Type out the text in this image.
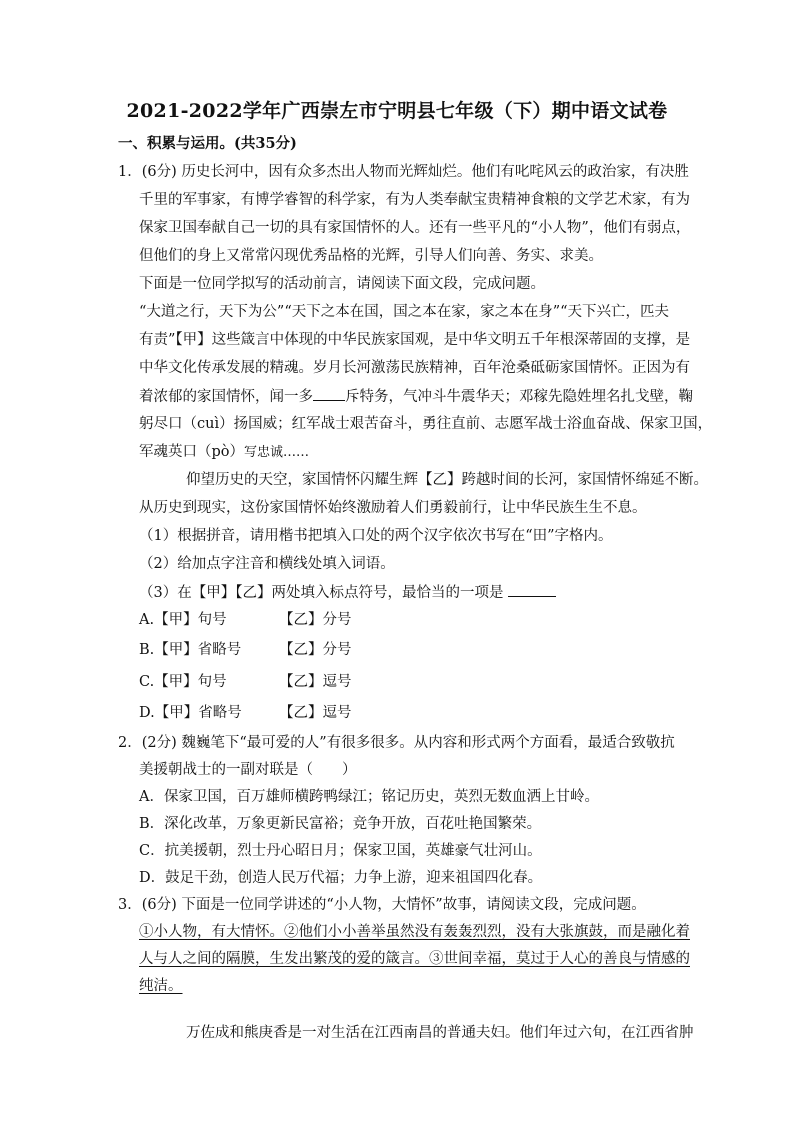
2021-2022学年广西崇左市宁明县七年级（下）期中语文试卷
一、积累与运用。(共35分)
1．(6分) 历史长河中，因有众多杰出人物而光辉灿烂。他们有叱咤风云的政治家，有决胜
千里的军事家，有博学睿智的科学家，有为人类奉献宝贵精神食粮的文学艺术家，有为
保家卫国奉献自己一切的具有家国情怀的人。还有一些平凡的“小人物”，他们有弱点，
但他们的身上又常常闪现优秀品格的光辉，引导人们向善、务实、求美。
下面是一位同学拟写的活动前言，请阅读下面文段，完成问题。
“大道之行，天下为公”“天下之本在国，国之本在家，家之本在身”“天下兴亡，匹夫
有责”【甲】这些箴言中体现的中华民族家国观，是中华文明五千年根深蒂固的支撑，是
中华文化传承发展的精魂。岁月长河激荡民族精神，百年沧桑砥砺家国情怀。正因为有
着浓郁的家国情怀，闻一多 斥特务，气冲斗牛震华天；邓稼先隐姓埋名扎戈壁，鞠
躬尽口（cuì）扬国威；红军战士艰苦奋斗，勇往直前、志愿军战士浴血奋战、保家卫国，
军魂英口（pò）写忠诚……
仰望历史的天空，家国情怀闪耀生辉【乙】跨越时间的长河，家国情怀绵延不断。
从历史到现实，这份家国情怀始终激励着人们勇毅前行，让中华民族生生不息。
（1）根据拼音，请用楷书把填入口处的两个汉字依次书写在“田”字格内。
（2）给加点字注音和横线处填入词语。
（3）在【甲】【乙】两处填入标点符号，最恰当的一项是
A.【甲】句号	【乙】分号
B.【甲】省略号	【乙】分号
C.【甲】句号	【乙】逗号
D.【甲】省略号	【乙】逗号
2．(2分) 魏巍笔下“最可爱的人”有很多很多。从内容和形式两个方面看，最适合致敬抗
美援朝战士的一副对联是（　　）
A．保家卫国，百万雄师横跨鸭绿江；铭记历史，英烈无数血洒上甘岭。
B．深化改革，万象更新民富裕；竞争开放，百花吐艳国繁荣。
C．抗美援朝，烈士丹心昭日月；保家卫国，英雄豪气壮河山。
D．鼓足干劲，创造人民万代福；力争上游，迎来祖国四化春。
3．(6分) 下面是一位同学讲述的“小人物，大情怀”故事，请阅读文段，完成问题。
①小人物，有大情怀。②他们小小善举虽然没有轰轰烈烈，没有大张旗鼓，而是融化着
人与人之间的隔膜，生发出繁茂的爱的箴言。③世间幸福，莫过于人心的善良与情感的
纯洁。
万佐成和熊庚香是一对生活在江西南昌的普通夫妇。他们年过六旬，在江西省肿
